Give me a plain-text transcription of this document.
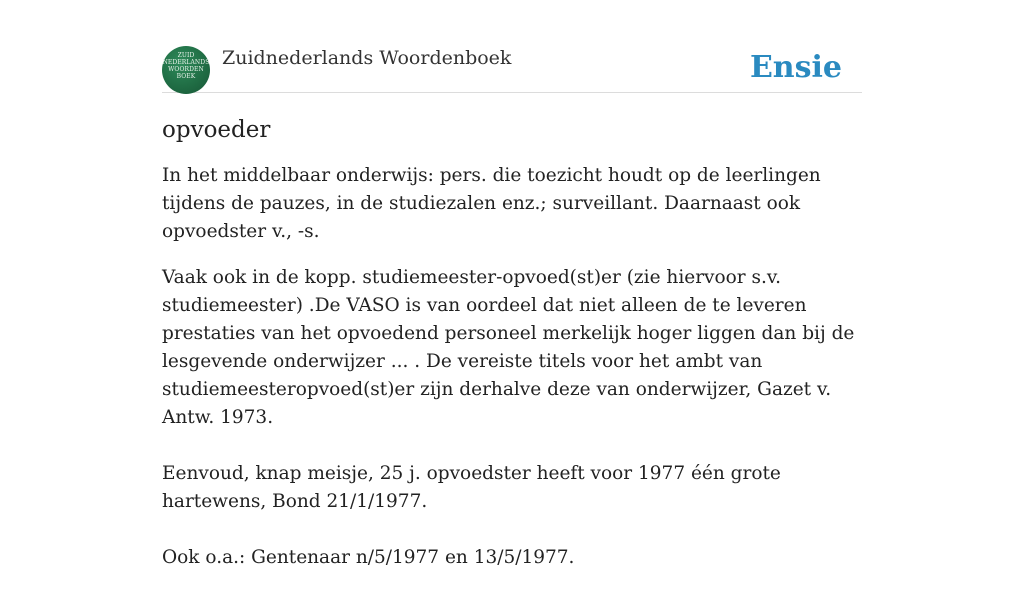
ZUID
NEDERLANDS
WOORDEN
BOEK
Zuidnederlands Woordenboek	Ensie
opvoeder

In het middelbaar onderwijs: pers. die toezicht houdt op de leerlingen tijdens de pauzes, in de studiezalen enz.; surveillant. Daarnaast ook opvoedster v., -s.

Vaak ook in de kopp. studiemeester-opvoed(st)er (zie hiervoor s.v. studiemeester) .De VASO is van oordeel dat niet alleen de te leveren prestaties van het opvoedend personeel merkelijk hoger liggen dan bij de lesgevende onderwijzer ... . De vereiste titels voor het ambt van studiemeesteropvoed(st)er zijn derhalve deze van onderwijzer, Gazet v. Antw. 1973.

Eenvoud, knap meisje, 25 j. opvoedster heeft voor 1977 één grote hartewens, Bond 21/1/1977.

Ook o.a.: Gentenaar n/5/1977 en 13/5/1977.
